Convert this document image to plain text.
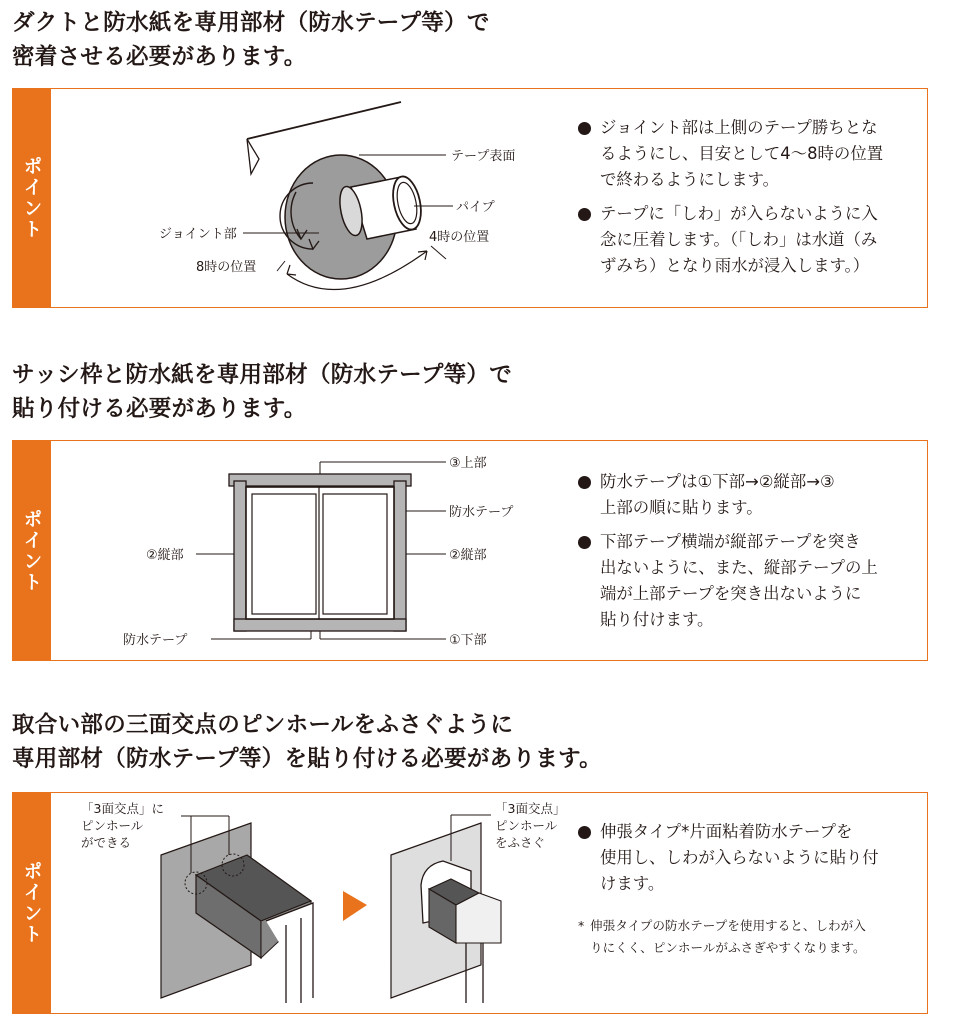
ダクトと防水紙を専用部材（防水テープ等）で
密着させる必要があります。
ポイント	テープ表面
パイプ
ジョイント部	4時の位置
8時の位置

ジョイント部は上側のテープ勝ちとな
るようにし、目安として4～8時の位置
で終わるようにします。

テープに「しわ」が入らないように入
念に圧着します。（「しわ」は水道（み
ずみち）となり雨水が浸入します。）

サッシ枠と防水紙を専用部材（防水テープ等）で
貼り付ける必要があります。
ポイント
③上部
防水テープ
②縦部	②縦部
防水テープ	①下部

防水テープは①下部→②縦部→③
上部の順に貼ります。

下部テープ横端が縦部テープを突き
出ないように、また、縦部テープの上
端が上部テープを突き出ないように
貼り付けます。

取合い部の三面交点のピンホールをふさぐように
専用部材（防水テープ等）を貼り付ける必要があります。
ポイント
「3面交点」に ピンホール ができる
「3面交点」 ピンホール をふさぐ

伸張タイプ*片面粘着防水テープを
使用し、しわが入らないように貼り付
けます。

* 伸張タイプの防水テープを使用すると、しわが入
りにくく、ピンホールがふさぎやすくなります。
